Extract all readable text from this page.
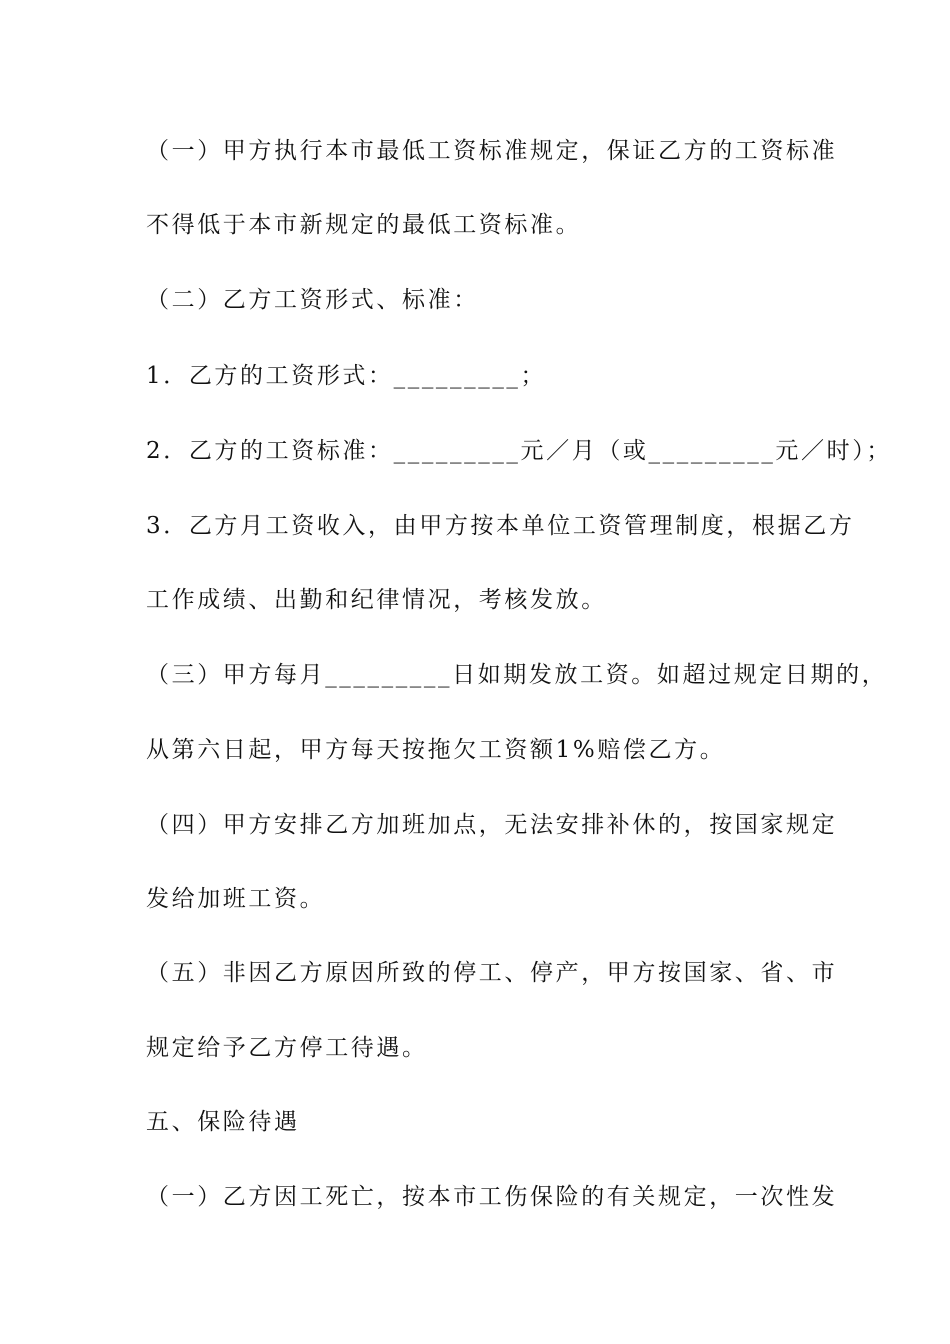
（一）甲方执行本市最低工资标准规定，保证乙方的工资标准
不得低于本市新规定的最低工资标准。
（二）乙方工资形式、标准：
1．乙方的工资形式：_________；
2．乙方的工资标准：_________元／月（或_________元／时）；
3．乙方月工资收入，由甲方按本单位工资管理制度，根据乙方
工作成绩、出勤和纪律情况，考核发放。
（三）甲方每月_________日如期发放工资。如超过规定日期的，
从第六日起，甲方每天按拖欠工资额1%赔偿乙方。
（四）甲方安排乙方加班加点，无法安排补休的，按国家规定
发给加班工资。
（五）非因乙方原因所致的停工、停产，甲方按国家、省、市
规定给予乙方停工待遇。
五、保险待遇
（一）乙方因工死亡，按本市工伤保险的有关规定，一次性发
